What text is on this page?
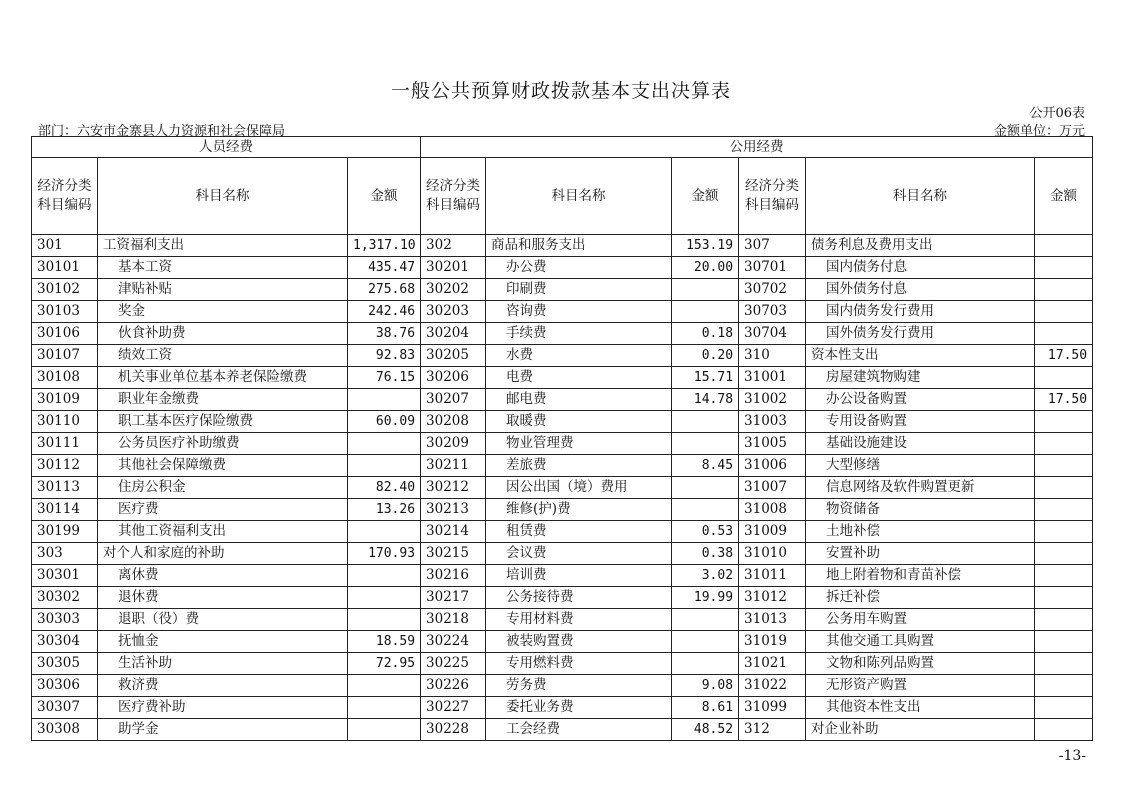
一般公共预算财政拨款基本支出决算表
公开06表
部门：六安市金寨县人力资源和社会保障局	金额单位：万元
人员经费			公用经费					
经济分类科目编码	科目名称	金额	经济分类科目编码	科目名称	金额	经济分类科目编码	科目名称	金额
301	工资福利支出	1,317.10	302	商品和服务支出	153.19	307	债务利息及费用支出	
30101	基本工资	435.47	30201	办公费	20.00	30701	国内债务付息	
30102	津贴补贴	275.68	30202	印刷费		30702	国外债务付息	
30103	奖金	242.46	30203	咨询费		30703	国内债务发行费用	
30106	伙食补助费	38.76	30204	手续费	0.18	30704	国外债务发行费用	
30107	绩效工资	92.83	30205	水费	0.20	310	资本性支出	17.50
30108	机关事业单位基本养老保险缴费	76.15	30206	电费	15.71	31001	房屋建筑物购建	
30109	职业年金缴费		30207	邮电费	14.78	31002	办公设备购置	17.50
30110	职工基本医疗保险缴费	60.09	30208	取暖费		31003	专用设备购置	
30111	公务员医疗补助缴费		30209	物业管理费		31005	基础设施建设	
30112	其他社会保障缴费		30211	差旅费	8.45	31006	大型修缮	
30113	住房公积金	82.40	30212	因公出国（境）费用		31007	信息网络及软件购置更新	
30114	医疗费	13.26	30213	维修(护)费		31008	物资储备	
30199	其他工资福利支出		30214	租赁费	0.53	31009	土地补偿	
303	对个人和家庭的补助	170.93	30215	会议费	0.38	31010	安置补助	
30301	离休费		30216	培训费	3.02	31011	地上附着物和青苗补偿	
30302	退休费		30217	公务接待费	19.99	31012	拆迁补偿	
30303	退职（役）费		30218	专用材料费		31013	公务用车购置	
30304	抚恤金	18.59	30224	被装购置费		31019	其他交通工具购置	
30305	生活补助	72.95	30225	专用燃料费		31021	文物和陈列品购置	
30306	救济费		30226	劳务费	9.08	31022	无形资产购置	
30307	医疗费补助		30227	委托业务费	8.61	31099	其他资本性支出	
30308	助学金		30228	工会经费	48.52	312	对企业补助	
-13-
